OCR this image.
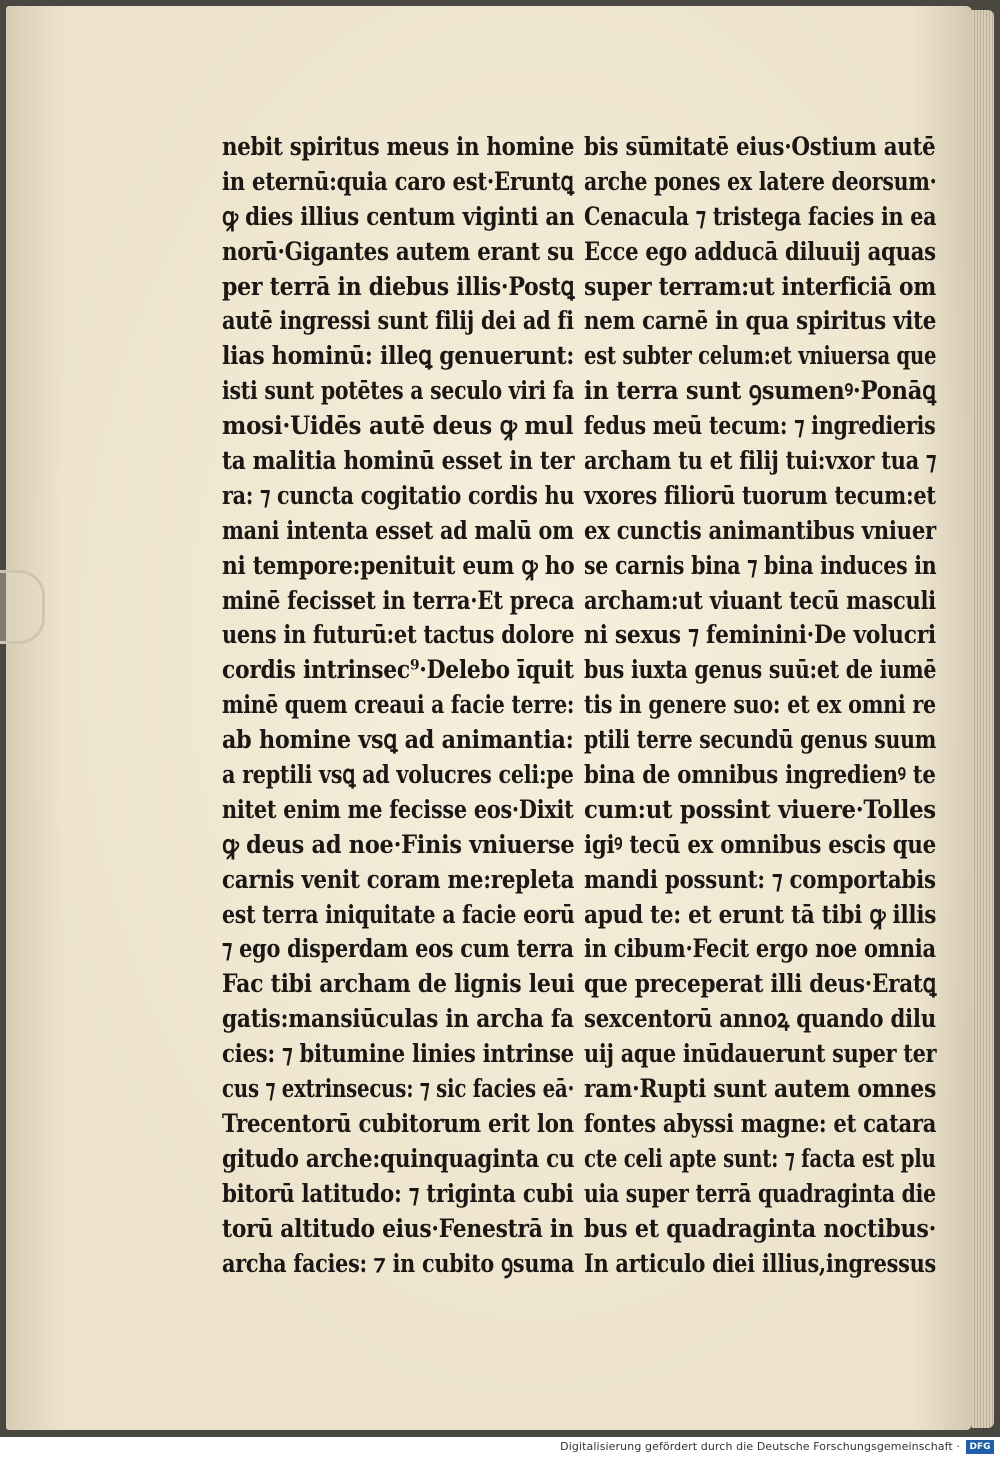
nebit spiritus meus in homine
in eternū:quia caro est·Eruntꝗ
ꝙ dies illius centum viginti an
norū·Gigantes autem erant su
per terrā in diebus illis·Postꝗ
autē ingressi sunt filij dei ad fi
lias hominū: illeꝗ genuerunt:
isti sunt potētes a seculo viri fa
mosi·Uidēs autē deus ꝙ mul
ta malitia hominū esset in ter
ra: ⁊ cuncta cogitatio cordis hu
mani intenta esset ad malū om
ni tempore:penituit eum ꝙ ho
minē fecisset in terra·Et preca
uens in futurū:et tactus dolore
cordis intrinsec⁹·Delebo īquit
minē quem creaui a facie terre:
ab homine vsꝗ ad animantia:
a reptili vsꝗ ad volucres celi:pe
nitet enim me fecisse eos·Dixit
ꝙ deus ad noe·Finis vniuerse
carnis venit coram me:repleta
est terra iniquitate a facie eorū
⁊ ego disperdam eos cum terra
Fac tibi archam de lignis leui
gatis:mansiūculas in archa fa
cies: ⁊ bitumine linies intrinse
cus ⁊ extrinsecus: ⁊ sic facies eā·
Trecentorū cubitorum erit lon
gitudo arche:quinquaginta cu
bitorū latitudo: ⁊ triginta cubi
torū altitudo eius·Fenestrā in
archa facies: ⁊ in cubito ꝯsuma
bis sūmitatē eius·Ostium autē
arche pones ex latere deorsum·
Cenacula ⁊ tristega facies in ea
Ecce ego adducā diluuij aquas
super terram:ut interficiā om
nem carnē in qua spiritus vite
est subter celum:et vniuersa que
in terra sunt ꝯsumenꝰ·Ponāꝗ
fedus meū tecum: ⁊ ingredieris
archam tu et filij tui:vxor tua ⁊
vxores filiorū tuorum tecum:et
ex cunctis animantibus vniuer
se carnis bina ⁊ bina induces in
archam:ut viuant tecū masculi
ni sexus ⁊ feminini·De volucri
bus iuxta genus suū:et de iumē
tis in genere suo: et ex omni re
ptili terre secundū genus suum
bina de omnibus ingredienꝰ te
cum:ut possint viuere·Tolles
igiꝰ tecū ex omnibus escis que
mandi possunt: ⁊ comportabis
apud te: et erunt tā tibi ꝙ illis
in cibum·Fecit ergo noe omnia
que preceperat illi deus·Eratꝗ
sexcentorū annoꝝ quando dilu
uij aque inūdauerunt super ter
ram·Rupti sunt autem omnes
fontes abyssi magne: et catara
cte celi apte sunt: ⁊ facta est plu
uia super terrā quadraginta die
bus et quadraginta noctibus·
In articulo diei illius,ingressus
Digitalisierung gefördert durch die Deutsche Forschungsgemeinschaft ·	DFG
